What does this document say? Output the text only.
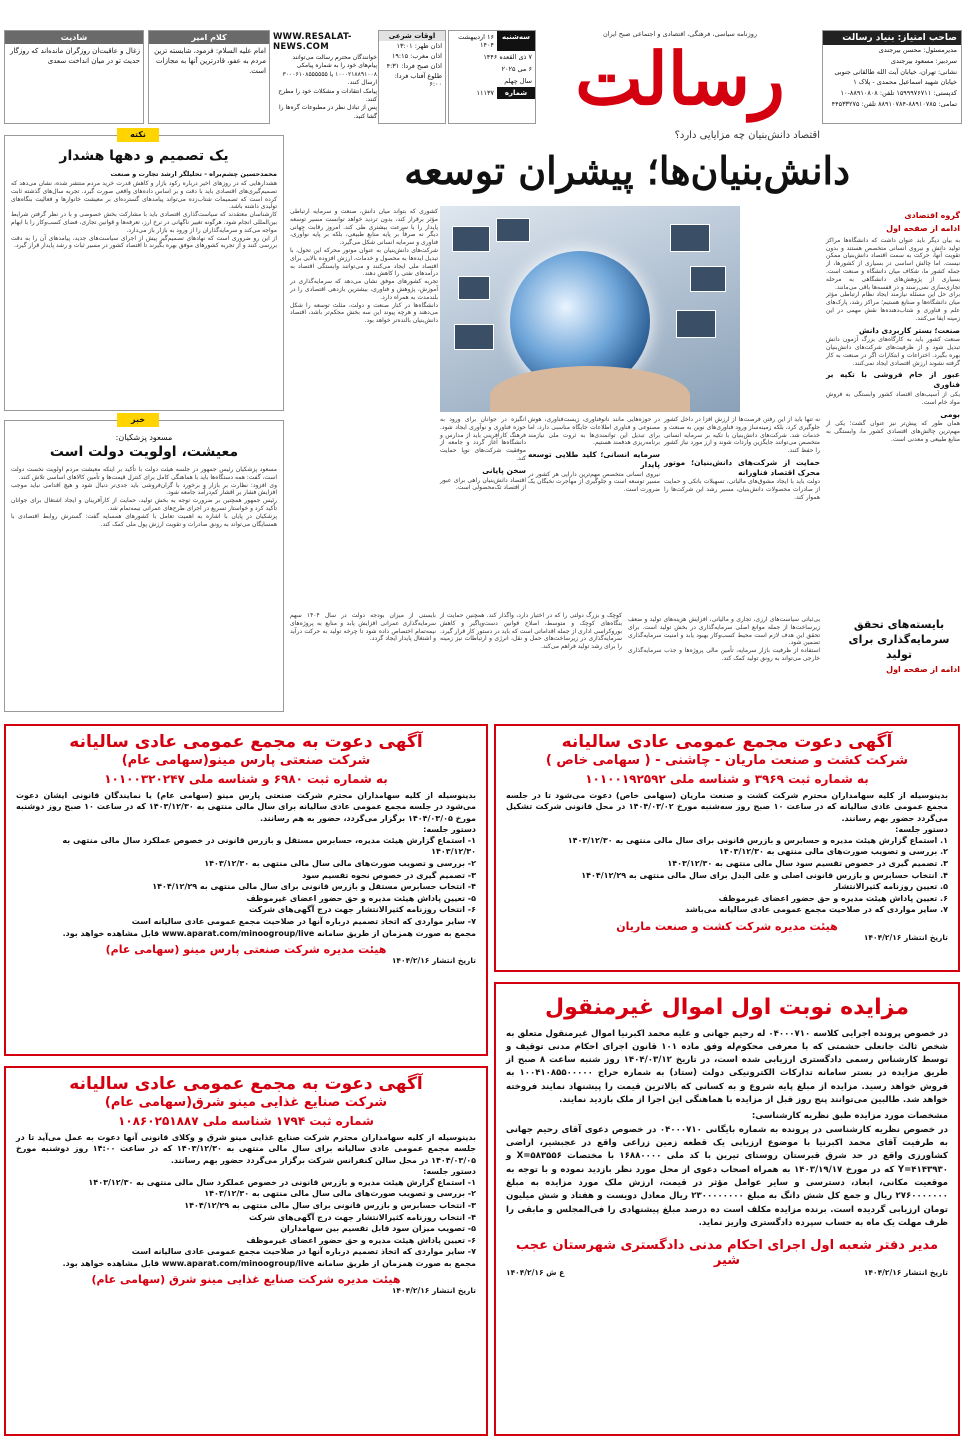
صاحب امتیاز: بنیاد رسالت
مدیرمسئول: محسن بیرجندی
سردبیر: مسعود بیرجندی
نشانی: تهران، خیابان آیت الله طالقانی جنوبی
خیابان شهید اسماعیل محمدی - پلاک ۱
کدپستی: ۱۵۹۹۹۷۶۷۱۱ تلفن: ۸۸۹۱۰۸۰۸-۱۰
تمامی: ۸۸۹۱۰۷۸۵-۸۸۹۱۰۷۸۴ تلفن: ۴۴۵۳۳۲۷۵
روزنامه سیاسی، فرهنگی، اقتصادی و اجتماعی صبح ایران
رسالت
سه‌شنبه
۱۶ اردیبهشت ۱۴۰۴
۷ ذی القعده ۱۴۴۶
۶ می ۲۰۲۵
سال چهلم
شماره
۱۱۱۳۷
اوقات شرعی
اذان ظهر: ۱۳:۰۱
اذان مغرب: ۱۹:۱۵
اذان صبح فردا: ۴:۳۱
طلوع آفتاب فردا: ۶:۰۰
WWW.RESALAT-NEWS.COM
خوانندگان محترم رسالت می‌توانند پیام‌های خود را به شماره پیامکی
۱۰۰۰۲۱۸۸۹۱۰۰۸ یا ۳۰۰۰۶۱۰۸۵۵۵۵۵۵ ارسال کنند.
پیامک انتقادات و مشکلات خود را مطرح کنند.
پس از تبادل نظر در مطبوعات گره‌ها را گشا کنید.
کلام امیر
امام علیه السلام: فرمود، شایسته ترین مردم به عفو، قادرترین آنها به مجازات است.
شادیت
زغال و عاقبت‌ان روزگران مانده‌اند که روزگار حدیث تو در میان انداخت سعدی
اقتصاد دانش‌بنیان چه مزایایی دارد؟
دانش‌بنیان‌ها؛ پیشران توسعه
گروه اقتصادی
ادامه از صفحه اول

به بیان دیگر باید عنوان داشت که دانشگاه‌ها مراکز تولید دانش و نیروی انسانی متخصص هستند و بدون تقویت آنها، حرکت به سمت اقتصاد دانش‌بنیان ممکن نیست. اما چالش اساسی در بسیاری از کشورها، از جمله کشور ما، شکاف میان دانشگاه و صنعت است. بسیاری از پژوهش‌های دانشگاهی به مرحله تجاری‌سازی نمی‌رسند و در قفسه‌ها باقی می‌مانند.

برای حل این مسئله نیازمند ایجاد نظام ارتباطی مؤثر میان دانشگاه‌ها و صنایع هستیم؛ مراکز رشد، پارک‌های علم و فناوری و شتاب‌دهنده‌ها نقش مهمی در این زمینه ایفا می‌کنند.

صنعت؛ بستر کاربردی دانش

صنعت کشور باید به کارگاه‌های بزرگ آزمون دانش تبدیل شود و از ظرفیت‌های شرکت‌های دانش‌بنیان بهره بگیرد. اختراعات و ابتکارات اگر در صنعت به کار گرفته نشوند ارزش اقتصادی ایجاد نمی‌کنند.

عبور از خام فروشی با تکیه بر فناوری

یکی از آسیب‌های اقتصاد کشور وابستگی به فروش مواد خام است.

بومی

همان طور که پیش‌تر نیز عنوان گشت؛ یکی از مهم‌ترین چالش‌های اقتصادی کشور ما، وابستگی به منابع طبیعی و معدنی است.

کشوری که بتواند میان دانش، صنعت و سرمایه ارتباطی مؤثر برقرار کند، بدون تردید خواهد توانست مسیر توسعه پایدار را با سرعت بیشتری طی کند. امروز رقابت جهانی دیگر نه صرفاً بر پایه منابع طبیعی، بلکه بر پایه نوآوری، فناوری و سرمایه انسانی شکل می‌گیرد.

شرکت‌های دانش‌بنیان به عنوان موتور محرکه این تحول، با تبدیل ایده‌ها به محصول و خدمات، ارزش افزوده بالایی برای اقتصاد ملی ایجاد می‌کنند و می‌توانند وابستگی اقتصاد به درآمدهای نفتی را کاهش دهند.

تجربه کشورهای موفق نشان می‌دهد که سرمایه‌گذاری در آموزش، پژوهش و فناوری، بیشترین بازدهی اقتصادی را در بلندمدت به همراه دارد.

دانشگاه‌ها در کنار صنعت و دولت، مثلث توسعه را شکل می‌دهند و هرچه پیوند این سه بخش محکم‌تر باشد، اقتصاد دانش‌بنیان بالنده‌تر خواهد بود.

نه تنها باید از این رفتن فرصت‌ها از ارزش افزا در داخل کشور جلوگیری کرد، بلکه زمینه‌ساز ورود فناوری‌های نوین به صنعت و خدمات شد. شرکت‌های دانش‌بنیان با تکیه بر سرمایه انسانی متخصص می‌توانند جایگزین واردات شوند و ارز مورد نیاز کشور را حفظ کنند.

حمایت از شرکت‌های دانش‌بنیان؛ موتور محرک اقتصاد فناورانه

دولت باید با ایجاد مشوق‌های مالیاتی، تسهیلات بانکی و حمایت از صادرات محصولات دانش‌بنیان، مسیر رشد این شرکت‌ها را هموار کند.

در حوزه‌هایی مانند نانوفناوری، زیست‌فناوری، هوش مصنوعی و فناوری اطلاعات جایگاه مناسبی دارد، اما برای تبدیل این توانمندی‌ها به ثروت ملی نیازمند برنامه‌ریزی هدفمند هستیم.

سرمایه انسانی؛ کلید طلایی توسعه پایدار

نیروی انسانی متخصص مهم‌ترین دارایی هر کشور در مسیر توسعه است و جلوگیری از مهاجرت نخبگان یک ضرورت است.

انگیزه در جوانان برای ورود به حوزه فناوری و نوآوری ایجاد شود. فرهنگ کارآفرینی باید از مدارس و دانشگاه‌ها آغاز گردد و جامعه از موفقیت شرکت‌های نوپا حمایت کند.

سخن پایانی

اقتصاد دانش‌بنیان راهی برای عبور از اقتصاد تک‌محصولی است.

بایسته‌های تحقق سرمایه‌گذاری برای تولید
ادامه از صفحه اول

بی‌ثباتی سیاست‌های ارزی، تجاری و مالیاتی، افزایش هزینه‌های تولید و ضعف زیرساخت‌ها از جمله موانع اصلی سرمایه‌گذاری در بخش تولید است. برای تحقق این هدف لازم است محیط کسب‌وکار بهبود یابد و امنیت سرمایه‌گذاری تضمین شود.

استفاده از ظرفیت بازار سرمایه، تأمین مالی پروژه‌ها و جذب سرمایه‌گذاری خارجی می‌تواند به رونق تولید کمک کند.

کوچک و بزرگ دولتی را که در اختیار دارد، واگذار کند. همچنین حمایت از بنگاه‌های کوچک و متوسط، اصلاح قوانین دست‌وپاگیر و کاهش بوروکراسی اداری از جمله اقداماتی است که باید در دستور کار قرار گیرد. سرمایه‌گذاری در زیرساخت‌های حمل و نقل، انرژی و ارتباطات نیز زمینه را برای رشد تولید فراهم می‌کند.

بایستی از میزان بودجه دولت در سال ۱۴۰۴ سهم سرمایه‌گذاری عمرانی افزایش یابد و منابع به پروژه‌های نیمه‌تمام اختصاص داده شود تا چرخه تولید به حرکت درآید و اشتغال پایدار ایجاد گردد.

یک تصمیم و دهها هشدار
محمدحسین چشم‌براه - تحلیلگر ارشد تجارت و صنعت

هشدارهایی که در روزهای اخیر درباره رکود بازار و کاهش قدرت خرید مردم منتشر شده، نشان می‌دهد که تصمیم‌گیری‌های اقتصادی باید با دقت و بر اساس داده‌های واقعی صورت گیرد. تجربه سال‌های گذشته ثابت کرده است که تصمیمات شتاب‌زده می‌تواند پیامدهای گسترده‌ای بر معیشت خانوارها و فعالیت بنگاه‌های تولیدی داشته باشد.

کارشناسان معتقدند که سیاست‌گذاری اقتصادی باید با مشارکت بخش خصوصی و با در نظر گرفتن شرایط بین‌المللی انجام شود. هرگونه تغییر ناگهانی در نرخ ارز، تعرفه‌ها و قوانین تجاری، فضای کسب‌وکار را با ابهام مواجه می‌کند و سرمایه‌گذاران را از ورود به بازار باز می‌دارد.

از این رو ضروری است که نهادهای تصمیم‌گیر پیش از اجرای سیاست‌های جدید، پیامدهای آن را به دقت بررسی کنند و از تجربه کشورهای موفق بهره بگیرند تا اقتصاد کشور در مسیر ثبات و رشد پایدار قرار گیرد.

نکته
مسعود پزشکیان:
معیشت، اولویت دولت است

مسعود پزشکیان رئیس جمهور در جلسه هیئت دولت با تأکید بر اینکه معیشت مردم اولویت نخست دولت است، گفت: همه دستگاه‌ها باید با هماهنگی کامل برای کنترل قیمت‌ها و تأمین کالاهای اساسی تلاش کنند.

وی افزود: نظارت بر بازار و برخورد با گران‌فروشی باید جدی‌تر دنبال شود و هیچ اقدامی نباید موجب افزایش فشار بر اقشار کم‌درآمد جامعه شود.

رئیس جمهور همچنین بر ضرورت توجه به بخش تولید، حمایت از کارآفرینان و ایجاد اشتغال برای جوانان تأکید کرد و خواستار تسریع در اجرای طرح‌های عمرانی نیمه‌تمام شد.

پزشکیان در پایان با اشاره به اهمیت تعامل با کشورهای همسایه گفت: گسترش روابط اقتصادی با همسایگان می‌تواند به رونق صادرات و تقویت ارزش پول ملی کمک کند.

خبر
آگهی دعوت مجمع عمومی عادی سالیانه
شرکت کشت و صنعت ماریان - چاشنی - ( سهامی خاص )
به شماره ثبت ۳۹۶۹ و شناسه ملی ۱۰۱۰۰۱۹۲۵۹۲

بدینوسیله از کلیه سهامداران محترم شرکت کشت و صنعت ماریان (سهامی خاص) دعوت می‌شود تا در جلسه مجمع عمومی عادی سالیانه که در ساعت ۱۰ صبح روز سه‌شنبه مورخ ۱۴۰۴/۰۳/۰۲ در محل قانونی شرکت تشکیل می‌گردد حضور بهم رسانند.

دستور جلسه:
۱. استماع گزارش هیئت مدیره و حسابرس و بازرس قانونی برای سال مالی منتهی به ۱۴۰۳/۱۲/۳۰
۲. بررسی و تصویب صورت‌های مالی منتهی به ۱۴۰۳/۱۲/۳۰
۳. تصمیم گیری در خصوص تقسیم سود سال مالی منتهی به ۱۴۰۳/۱۲/۳۰
۴. انتخاب حسابرس و بازرس قانونی اصلی و علی البدل برای سال مالی منتهی به ۱۴۰۴/۱۲/۲۹
۵. تعیین روزنامه کثیرالانتشار
۶. تعیین پاداش هیئت مدیره و حق حضور اعضای غیرموظف
۷. سایر مواردی که در صلاحیت مجمع عمومی عادی سالیانه می‌باشد
هیئت مدیره شرکت کشت و صنعت ماریان
تاریخ انتشار ۱۴۰۴/۲/۱۶
آگهی دعوت به مجمع عمومی عادی سالیانه
شرکت صنعتی پارس مینو(سهامی عام)
به شماره ثبت ۶۹۸۰ و شناسه ملی ۱۰۱۰۰۳۲۰۲۴۷

بدینوسیله از کلیه سهامداران محترم شرکت صنعتی پارس مینو (سهامی عام) یا نمایندگان قانونی ایشان دعوت می‌شود در جلسه مجمع عمومی عادی سالیانه برای سال مالی منتهی به ۱۴۰۳/۱۲/۳۰ که در ساعت ۱۰ صبح روز دوشنبه مورخ ۱۴۰۴/۰۳/۰۵ برگزار می‌گردد، حضور به هم رسانند.

دستور جلسه:
۱- استماع گزارش هیئت مدیره، حسابرس مستقل و بازرس قانونی در خصوص عملکرد سال مالی منتهی به ۱۴۰۳/۱۲/۳۰
۲- بررسی و تصویب صورت‌های مالی سال مالی منتهی به ۱۴۰۳/۱۲/۳۰
۳- تصمیم گیری در خصوص نحوه تقسیم سود
۴- انتخاب حسابرس مستقل و بازرس قانونی برای سال مالی منتهی به ۱۴۰۴/۱۲/۲۹
۵- تعیین پاداش هیئت مدیره و حق حضور اعضای غیرموظف
۶- انتخاب روزنامه کثیرالانتشار جهت درج آگهی‌های شرکت
۷- سایر مواردی که اتخاذ تصمیم درباره آنها در صلاحیت مجمع عمومی عادی سالیانه است

مجمع به صورت همزمان از طریق سامانه www.aparat.com/minoogroup/live قابل مشاهده خواهد بود.

هیئت مدیره شرکت صنعتی پارس مینو (سهامی عام)
تاریخ انتشار ۱۴۰۴/۲/۱۶
مزایده نوبت اول اموال غیرمنقول

در خصوص پرونده اجرایی کلاسه ۰۴۰۰۰۷۱۰ له رحیم جهانی و علیه محمد اکبرنیا اموال غیرمنقول متعلق به شخص ثالث جانعلی حشمتی که با معرفی محکوم‌له وفق ماده ۱۰۱ قانون اجرای احکام مدنی توقیف و توسط کارشناس رسمی دادگستری ارزیابی شده است، در تاریخ ۱۴۰۴/۰۳/۱۲ روز شنبه ساعت ۸ صبح از طریق مزایده در بستر سامانه تدارکات الکترونیکی دولت (ستاد) به شماره حراج ۱۰۰۴۱۰۸۵۵۰۰۰۰۰ به فروش خواهد رسید. مزایده از مبلغ پایه شروع و به کسانی که بالاترین قیمت را پیشنهاد نمایند فروخته خواهد شد. طالبین می‌توانند پنج روز قبل از مزایده با هماهنگی این اجرا از ملک بازدید نمایند.

مشخصات مورد مزایده طبق نظریه کارشناسی:

در خصوص نظریه کارشناسی در پرونده به شماره بایگانی ۰۴۰۰۰۷۱۰ در خصوص دعوی آقای رحیم جهانی به طرفیت آقای محمد اکبرنیا با موضوع ارزیابی یک قطعه زمین زراعی واقع در عجبشیر، اراضی کشاورزی واقع در حد شرق قبرستان روستای تیرین با کد ملی ۱۶۸۸۰۰۰۰ با مختصات X=۵۸۳۵۵۶ و Y=۴۱۴۳۹۳۰ که در مورخ ۱۴۰۳/۱۹/۱۷ به همراه اصحاب دعوی از محل مورد نظر بازدید نموده و با توجه به موقعیت مکانی، ابعاد، دسترسی و سایر عوامل مؤثر در قیمت، ارزش ملک مورد مزایده به مبلغ ۲۷۶۰۰۰۰۰۰۰ ریال و جمع کل شش دانگ به مبلغ ۲۳۰۰۰۰۰۰۰۰ ریال معادل دویست و هفتاد و شش میلیون تومان ارزیابی گردیده است. برنده مزایده مکلف است ده درصد مبلغ پیشنهادی را فی‌المجلس و مابقی را ظرف مهلت یک ماه به حساب سپرده دادگستری واریز نماید.

مدیر دفتر شعبه اول اجرای احکام مدنی دادگستری شهرستان عجب شیر
تاریخ انتشار ۱۴۰۴/۲/۱۶
ع ش ۱۴۰۴/۲/۱۶
آگهی دعوت به مجمع عمومی عادی سالیانه
شرکت صنایع غذایی مینو شرق(سهامی عام)
شماره ثبت ۱۷۹۴ شناسه ملی ۱۰۸۶۰۲۵۱۸۸۷

بدینوسیله از کلیه سهامداران محترم شرکت صنایع غذایی مینو شرق و وکلای قانونی آنها دعوت به عمل می‌آید تا در جلسه مجمع عمومی عادی سالیانه برای سال مالی منتهی به ۱۴۰۳/۱۲/۳۰ که در ساعت ۱۴:۰۰ روز دوشنبه مورخ ۱۴۰۴/۰۳/۰۵ در محل سالن کنفرانس شرکت برگزار می‌گردد حضور بهم رسانند.

دستور جلسه:
۱- استماع گزارش هیئت مدیره و بازرس قانونی در خصوص عملکرد سال مالی منتهی به ۱۴۰۳/۱۲/۳۰
۲- بررسی و تصویب صورت‌های مالی سال مالی منتهی به ۱۴۰۳/۱۲/۳۰
۳- انتخاب حسابرس و بازرس قانونی برای سال مالی منتهی به ۱۴۰۴/۱۲/۲۹
۴- انتخاب روزنامه کثیرالانتشار جهت درج آگهی‌های شرکت
۵- تصویب میزان سود قابل تقسیم بین سهامداران
۶- تعیین پاداش هیئت مدیره و حق حضور اعضای غیرموظف
۷- سایر مواردی که اتخاذ تصمیم درباره آنها در صلاحیت مجمع عمومی عادی سالیانه است

مجمع به صورت همزمان از طریق سامانه www.aparat.com/minoogroup/live قابل مشاهده خواهد بود.

هیئت مدیره شرکت صنایع غذایی مینو شرق (سهامی عام)
تاریخ انتشار ۱۴۰۴/۲/۱۶
